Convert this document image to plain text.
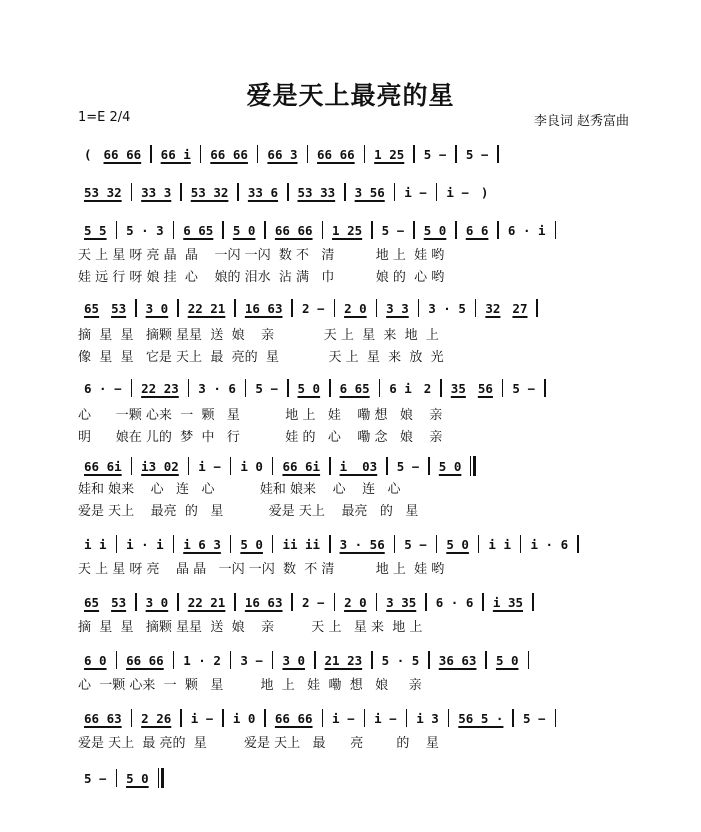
爱是天上最亮的星
1=E 2/4	李良词 赵秀富曲
( 66 66	66 i	66 66	66 3	66 66	1 25	5 −	5 −
53 32	33 3	53 32	33 6	53 33	3 56	i −	i − )
5 5	5 · 3	6 65	5 0	66 66	1 25	5 −	5 0	6 6	6 · i
天 上 星 呀 亮 晶  晶    一闪 一闪  数 不   清          地 上  娃 哟
娃 远 行 呀 娘 挂  心    娘的 泪水  沾 满   巾          娘 的  心 哟
65 53	3 0	22 21	16 63	2 −	2 0	3 3	3 · 5	32 27
摘  星  星   摘颗 星星  送  娘    亲            天 上  星  来  地  上
像  星  星   它是 天上  最  亮的  星            天 上  星  来  放  光
6 · −	22 23	3 · 6	5 −	5 0	6 65	6 i 2	35 56	5 −
心      一颗 心来  一  颗   星           地 上   娃    嘞 想   娘    亲
明      娘在 儿的  梦  中   行           娃 的   心    嘞 念   娘    亲
66 6i	i3 02	i −	i 0	66 6i	i  03	5 −	5 0
娃和 娘来    心   连   心           娃和 娘来    心    连   心
爱是 天上    最亮  的   星           爱是 天上    最亮   的   星
i i	i · i	i 6 3	5 0	ii ii	3 · 56	5 −	5 0	i i	i · 6
天 上 星 呀 亮    晶 晶   一闪 一闪  数  不 清          地 上  娃 哟
65 53	3 0	22 21	16 63	2 −	2 0	3 35	6 · 6	i 35
摘  星  星   摘颗 星星  送  娘    亲         天 上   星 来  地 上
6 0	66 66	1 · 2	3 −	3 0	21 23	5 · 5	36 63	5 0
心  一颗 心来  一  颗   星         地  上   娃  嘞  想   娘     亲
66 63	2 26	i −	i 0	66 66	i −	i −	i 3	56 5 ·	5 −
爱是 天上  最 亮的  星         爱是 天上   最      亮        的    星
5 −	5 0
